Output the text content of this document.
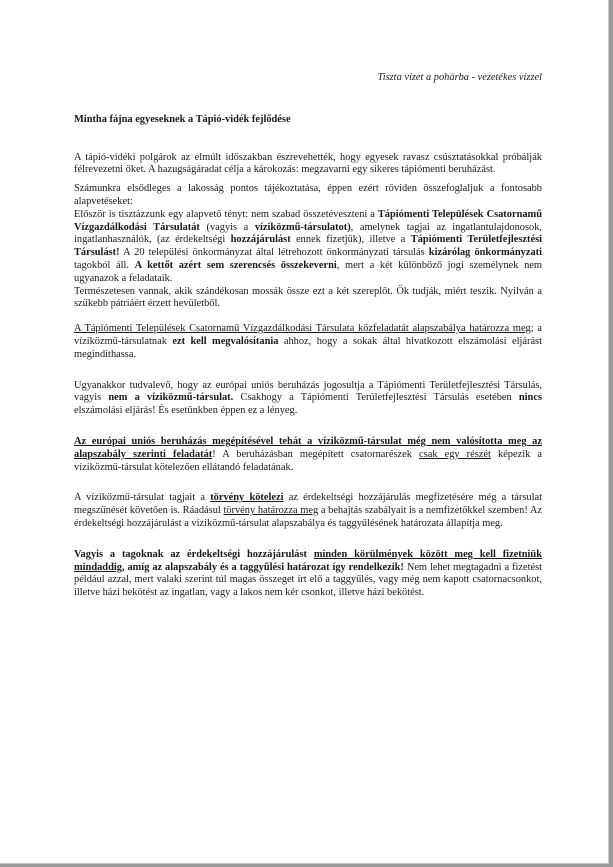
Tiszta vizet a pohárba - vezetékes vízzel

Mintha fájna egyeseknek a Tápió-vidék fejlődése

A tápió-vidéki polgárok az elmúlt időszakban észrevehették, hogy egyesek ravasz csúsztatásokkal próbálják félrevezetni őket. A hazugságáradat célja a károkozás: megzavarni egy sikeres tápiómenti beruházást.

Számunkra elsődleges a lakosság pontos tájékoztatása, éppen ezért röviden összefoglaljuk a fontosabb alapvetéseket:

Először is tisztázzunk egy alapvető tényt: nem szabad összetéveszteni a Tápiómenti Települések Csatornamű Vízgazdálkodási Társulatát (vagyis a víziközmű-társulatot), amelynek tagjai az ingatlantulajdonosok, ingatlanhasználók, (az érdekeltségi hozzájárulást ennek fizetjük), illetve a Tápiómenti Területfejlesztési Társulást! A 20 települési önkormányzat által létrehozott önkormányzati társulás kizárólag önkormányzati tagokból áll. A kettőt azért sem szerencsés összekeverni, mert a két különböző jogi személynek nem ugyanazok a feladataik.

Természetesen vannak, akik szándékosan mossák össze ezt a két szereplőt. Ők tudják, miért teszik. Nyilván a szűkebb pátriáért érzett hevületből.

A Tápiómenti Települések Csatornamű Vízgazdálkodási Társulata közfeladatát alapszabálya határozza meg; a víziközmű-társulatnak ezt kell megvalósítania ahhoz, hogy a sokak által hivatkozott elszámolási eljárást megindíthassa.

Ugyanakkor tudvalevő, hogy az európai uniós beruházás jogosultja a Tápiómenti Területfejlesztési Társulás, vagyis nem a víziközmű-társulat. Csakhogy a Tápiómenti Területfejlesztési Társulás esetében nincs elszámolási eljárás! És esetünkben éppen ez a lényeg.

Az európai uniós beruházás megépítésével tehát a víziközmű-társulat még nem valósította meg az alapszabály szerinti feladatát! A beruházásban megépített csatornarészek csak egy részét képezik a víziközmű-társulat kötelezően ellátandó feladatának.

A víziközmű-társulat tagjait a törvény kötelezi az érdekeltségi hozzájárulás megfizetésére még a társulat megszűnését követően is. Ráadásul törvény határozza meg a behajtás szabályait is a nemfizetőkkel szemben! Az érdekeltségi hozzájárulást a víziközmű-társulat alapszabálya és taggyűlésének határozata állapítja meg.

Vagyis a tagoknak az érdekeltségi hozzájárulást minden körülmények között meg kell fizetniük mindaddig, amíg az alapszabály és a taggyűlési határozat így rendelkezik! Nem lehet megtagadni a fizetést például azzal, mert valaki szerint túl magas összeget írt elő a taggyűlés, vagy még nem kapott csatornacsonkot, illetve házi bekötést az ingatlan, vagy a lakos nem kér csonkot, illetve házi bekötést.
